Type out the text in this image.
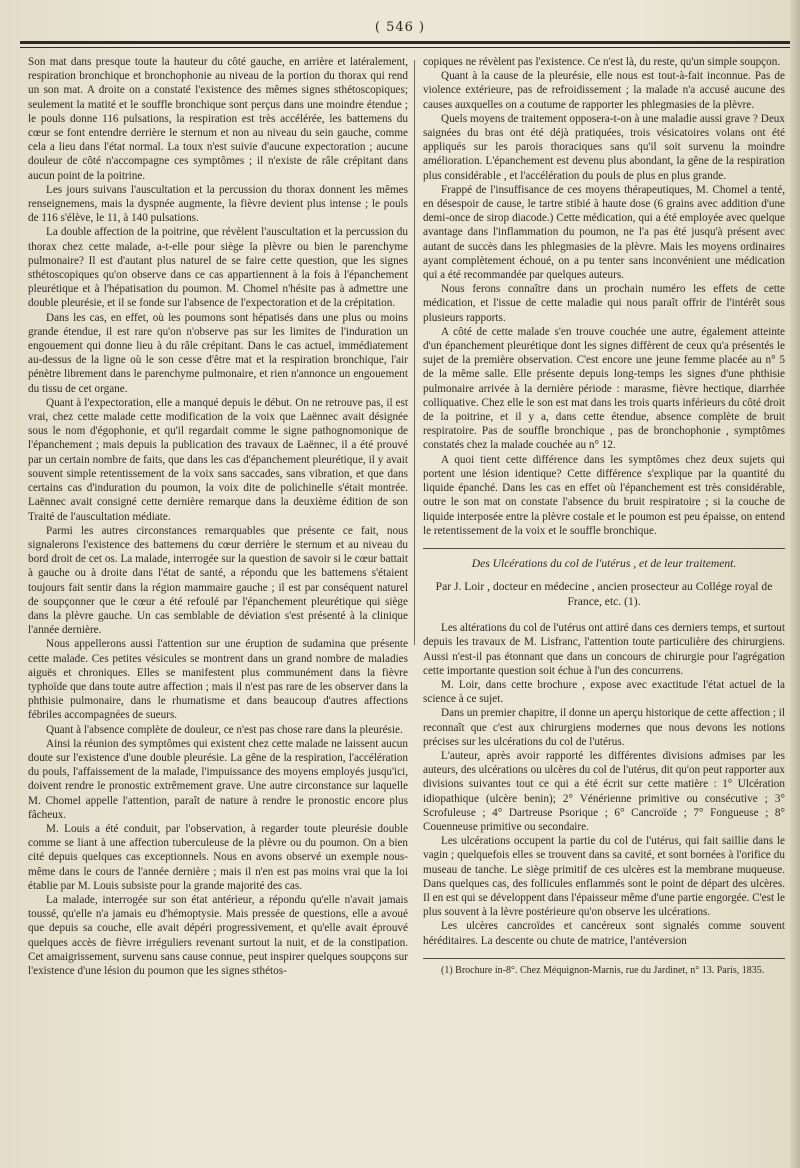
( 546 )

Son mat dans presque toute la hauteur du côté gauche, en arrière et latéralement, respiration bronchique et bronchophonie au niveau de la portion du thorax qui rend un son mat. A droite on a constaté l'existence des mêmes signes sthétoscopiques; seulement la matité et le souffle bronchique sont perçus dans une moindre étendue ; le pouls donne 116 pulsations, la respiration est très accélérée, les battemens du cœur se font entendre derrière le sternum et non au niveau du sein gauche, comme cela a lieu dans l'état normal. La toux n'est suivie d'aucune expectoration ; aucune douleur de côté n'accompagne ces symptômes ; il n'existe de râle crépitant dans aucun point de la poitrine.

Les jours suivans l'auscultation et la percussion du thorax donnent les mêmes renseignemens, mais la dyspnée augmente, la fièvre devient plus intense ; le pouls de 116 s'élève, le 11, à 140 pulsations.

La double affection de la poitrine, que révèlent l'auscultation et la percussion du thorax chez cette malade, a-t-elle pour siège la plèvre ou bien le parenchyme pulmonaire? Il est d'autant plus naturel de se faire cette question, que les signes sthétoscopiques qu'on observe dans ce cas appartiennent à la fois à l'épanchement pleurétique et à l'hépatisation du poumon. M. Chomel n'hésite pas à admettre une double pleurésie, et il se fonde sur l'absence de l'expectoration et de la crépitation.

Dans les cas, en effet, où les poumons sont hépatisés dans une plus ou moins grande étendue, il est rare qu'on n'observe pas sur les limites de l'induration un engouement qui donne lieu à du râle crépitant. Dans le cas actuel, immédiatement au-dessus de la ligne où le son cesse d'être mat et la respiration bronchique, l'air pénètre librement dans le parenchyme pulmonaire, et rien n'annonce un engouement du tissu de cet organe.

Quant à l'expectoration, elle a manqué depuis le début. On ne retrouve pas, il est vrai, chez cette malade cette modification de la voix que Laënnec avait désignée sous le nom d'égophonie, et qu'il regardait comme le signe pathognomonique de l'épanchement ; mais depuis la publication des travaux de Laënnec, il a été prouvé par un certain nombre de faits, que dans les cas d'épanchement pleurétique, il y avait souvent simple retentissement de la voix sans saccades, sans vibration, et que dans certains cas d'induration du poumon, la voix dite de polichinelle s'était montrée. Laënnec avait consigné cette dernière remarque dans la deuxième édition de son Traité de l'auscultation médiate.

Parmi les autres circonstances remarquables que présente ce fait, nous signalerons l'existence des battemens du cœur derrière le sternum et au niveau du bord droit de cet os. La malade, interrogée sur la question de savoir si le cœur battait à gauche ou à droite dans l'état de santé, a répondu que les battemens s'étaient toujours fait sentir dans la région mammaire gauche ; il est par conséquent naturel de soupçonner que le cœur a été refoulé par l'épanchement pleurétique qui siège dans la plèvre gauche. Un cas semblable de déviation s'est présenté à la clinique l'année dernière.

Nous appellerons aussi l'attention sur une éruption de sudamina que présente cette malade. Ces petites vésicules se montrent dans un grand nombre de maladies aiguës et chroniques. Elles se manifestent plus communément dans la fièvre typhoïde que dans toute autre affection ; mais il n'est pas rare de les observer dans la phthisie pulmonaire, dans le rhumatisme et dans beaucoup d'autres affections fébriles accompagnées de sueurs.

Quant à l'absence complète de douleur, ce n'est pas chose rare dans la pleurésie.

Ainsi la réunion des symptômes qui existent chez cette malade ne laissent aucun doute sur l'existence d'une double pleurésie. La gêne de la respiration, l'accélération du pouls, l'affaissement de la malade, l'impuissance des moyens employés jusqu'ici, doivent rendre le pronostic extrêmement grave. Une autre circonstance sur laquelle M. Chomel appelle l'attention, paraît de nature à rendre le pronostic encore plus fâcheux.

M. Louis a été conduit, par l'observation, à regarder toute pleurésie double comme se liant à une affection tuberculeuse de la plèvre ou du poumon. On a bien cité depuis quelques cas exceptionnels. Nous en avons observé un exemple nous-même dans le cours de l'année dernière ; mais il n'en est pas moins vrai que la loi établie par M. Louis subsiste pour la grande majorité des cas.

La malade, interrogée sur son état antérieur, a répondu qu'elle n'avait jamais toussé, qu'elle n'a jamais eu d'hémoptysie. Mais pressée de questions, elle a avoué que depuis sa couche, elle avait dépéri progressivement, et qu'elle avait éprouvé quelques accès de fièvre irréguliers revenant surtout la nuit, et de la constipation. Cet amaigrissement, survenu sans cause connue, peut inspirer quelques soupçons sur l'existence d'une lésion du poumon que les signes sthétos-

copiques ne révèlent pas l'existence. Ce n'est là, du reste, qu'un simple soupçon.

Quant à la cause de la pleurésie, elle nous est tout-à-fait inconnue. Pas de violence extérieure, pas de refroidissement ; la malade n'a accusé aucune des causes auxquelles on a coutume de rapporter les phlegmasies de la plèvre.

Quels moyens de traitement opposera-t-on à une maladie aussi grave ? Deux saignées du bras ont été déjà pratiquées, trois vésicatoires volans ont été appliqués sur les parois thoraciques sans qu'il soit survenu la moindre amélioration. L'épanchement est devenu plus abondant, la gêne de la respiration plus considérable , et l'accélération du pouls de plus en plus grande.

Frappé de l'insuffisance de ces moyens thérapeutiques, M. Chomel a tenté, en désespoir de cause, le tartre stibié à haute dose (6 grains avec addition d'une demi-once de sirop diacode.) Cette médication, qui a été employée avec quelque avantage dans l'inflammation du poumon, ne l'a pas été jusqu'à présent avec autant de succès dans les phlegmasies de la plèvre. Mais les moyens ordinaires ayant complètement échoué, on a pu tenter sans inconvénient une médication qui a été recommandée par quelques auteurs.

Nous ferons connaître dans un prochain numéro les effets de cette médication, et l'issue de cette maladie qui nous paraît offrir de l'intérêt sous plusieurs rapports.

A côté de cette malade s'en trouve couchée une autre, également atteinte d'un épanchement pleurétique dont les signes diffèrent de ceux qu'a présentés le sujet de la première observation. C'est encore une jeune femme placée au n° 5 de la même salle. Elle présente depuis long-temps les signes d'une phthisie pulmonaire arrivée à la dernière période : marasme, fièvre hectique, diarrhée colliquative. Chez elle le son est mat dans les trois quarts inférieurs du côté droit de la poitrine, et il y a, dans cette étendue, absence complète de bruit respiratoire. Pas de souffle bronchique , pas de bronchophonie , symptômes constatés chez la malade couchée au n° 12.

A quoi tient cette différence dans les symptômes chez deux sujets qui portent une lésion identique? Cette différence s'explique par la quantité du liquide épanché. Dans les cas en effet où l'épanchement est très considérable, outre le son mat on constate l'absence du bruit respiratoire ; si la couche de liquide interposée entre la plèvre costale et le poumon est peu épaisse, on entend le retentissement de la voix et le souffle bronchique.

Des Ulcérations du col de l'utérus , et de leur traitement.

Par J. Loir , docteur en médecine , ancien prosecteur au Collége royal de France, etc. (1).

Les altérations du col de l'utérus ont attiré dans ces derniers temps, et surtout depuis les travaux de M. Lisfranc, l'attention toute particulière des chirurgiens. Aussi n'est-il pas étonnant que dans un concours de chirurgie pour l'agrégation cette importante question soit échue à l'un des concurrens.

M. Loir, dans cette brochure , expose avec exactitude l'état actuel de la science à ce sujet.

Dans un premier chapitre, il donne un aperçu historique de cette affection ; il reconnaît que c'est aux chirurgiens modernes que nous devons les notions précises sur les ulcérations du col de l'utérus.

L'auteur, après avoir rapporté les différentes divisions admises par les auteurs, des ulcérations ou ulcères du col de l'utérus, dit qu'on peut rapporter aux divisions suivantes tout ce qui a été écrit sur cette matière : 1° Ulcération idiopathique (ulcère benin); 2° Vénérienne primitive ou consécutive ; 3° Scrofuleuse ; 4° Dartreuse Psorique ; 6° Cancroïde ; 7° Fongueuse ; 8° Couenneuse primitive ou secondaire.

Les ulcérations occupent la partie du col de l'utérus, qui fait saillie dans le vagin ; quelquefois elles se trouvent dans sa cavité, et sont bornées à l'orifice du museau de tanche. Le siège primitif de ces ulcères est la membrane muqueuse. Dans quelques cas, des follicules enflammés sont le point de départ des ulcères. Il en est qui se développent dans l'épaisseur même d'une partie engorgée. C'est le plus souvent à la lèvre postérieure qu'on observe les ulcérations.

Les ulcères cancroïdes et cancéreux sont signalés comme souvent héréditaires. La descente ou chute de matrice, l'antéversion

(1) Brochure in-8°. Chez Méquignon-Marnis, rue du Jardinet, n° 13. Paris, 1835.
